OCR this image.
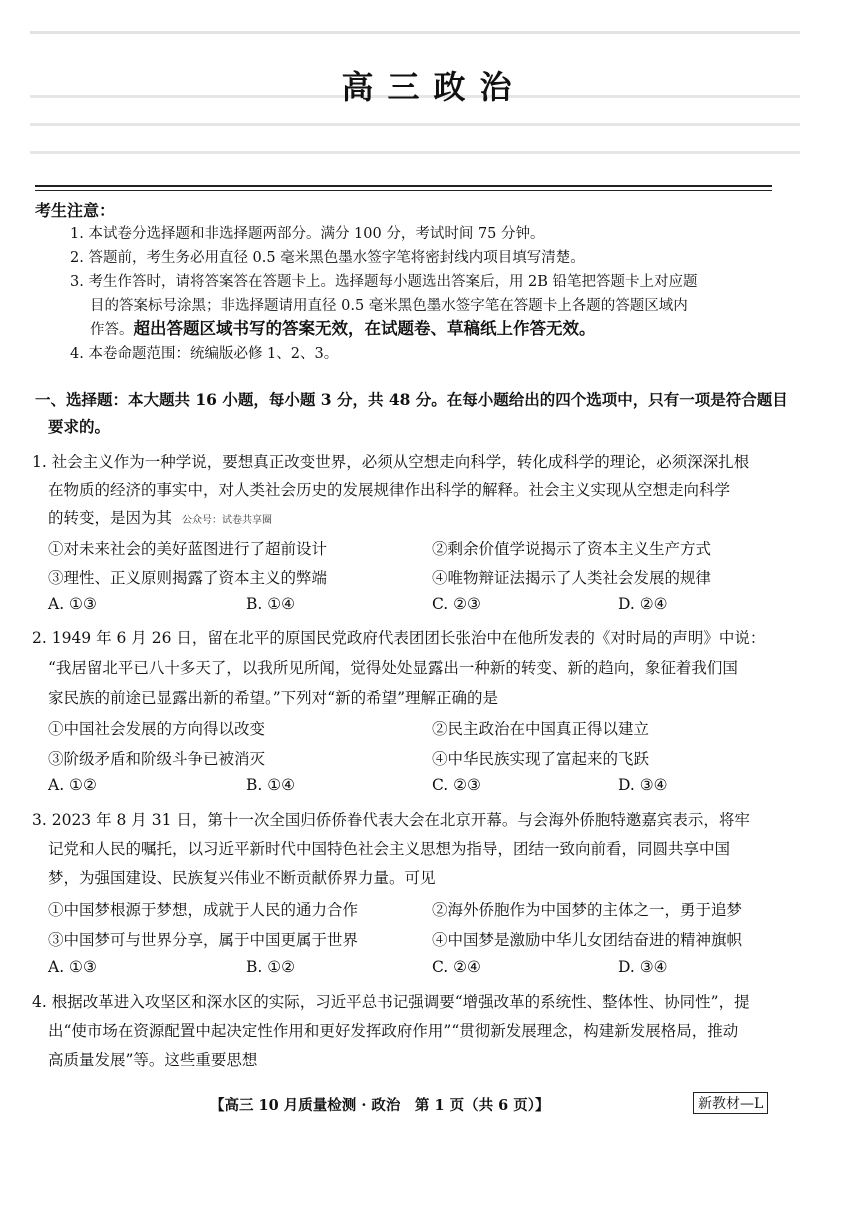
高三政治
考生注意：
1. 本试卷分选择题和非选择题两部分。满分 100 分，考试时间 75 分钟。
2. 答题前，考生务必用直径 0.5 毫米黑色墨水签字笔将密封线内项目填写清楚。
3. 考生作答时，请将答案答在答题卡上。选择题每小题选出答案后，用 2B 铅笔把答题卡上对应题
目的答案标号涂黑；非选择题请用直径 0.5 毫米黑色墨水签字笔在答题卡上各题的答题区域内
作答。超出答题区域书写的答案无效，在试题卷、草稿纸上作答无效。
4. 本卷命题范围：统编版必修 1、2、3。
一、选择题：本大题共 16 小题，每小题 3 分，共 48 分。在每小题给出的四个选项中，只有一项是符合题目
要求的。
1. 社会主义作为一种学说，要想真正改变世界，必须从空想走向科学，转化成科学的理论，必须深深扎根
在物质的经济的事实中，对人类社会历史的发展规律作出科学的解释。社会主义实现从空想走向科学
的转变，是因为其 公众号：试卷共享圈
①对未来社会的美好蓝图进行了超前设计	②剩余价值学说揭示了资本主义生产方式
③理性、正义原则揭露了资本主义的弊端	④唯物辩证法揭示了人类社会发展的规律
A. ①③	B. ①④	C. ②③	D. ②④
2. 1949 年 6 月 26 日，留在北平的原国民党政府代表团团长张治中在他所发表的《对时局的声明》中说：
“我居留北平已八十多天了，以我所见所闻，觉得处处显露出一种新的转变、新的趋向，象征着我们国
家民族的前途已显露出新的希望。”下列对“新的希望”理解正确的是
①中国社会发展的方向得以改变	②民主政治在中国真正得以建立
③阶级矛盾和阶级斗争已被消灭	④中华民族实现了富起来的飞跃
A. ①②	B. ①④	C. ②③	D. ③④
3. 2023 年 8 月 31 日，第十一次全国归侨侨眷代表大会在北京开幕。与会海外侨胞特邀嘉宾表示，将牢
记党和人民的嘱托，以习近平新时代中国特色社会主义思想为指导，团结一致向前看，同圆共享中国
梦，为强国建设、民族复兴伟业不断贡献侨界力量。可见
①中国梦根源于梦想，成就于人民的通力合作	②海外侨胞作为中国梦的主体之一，勇于追梦
③中国梦可与世界分享，属于中国更属于世界	④中国梦是激励中华儿女团结奋进的精神旗帜
A. ①③	B. ①②	C. ②④	D. ③④
4. 根据改革进入攻坚区和深水区的实际，习近平总书记强调要“增强改革的系统性、整体性、协同性”，提
出“使市场在资源配置中起决定性作用和更好发挥政府作用”“贯彻新发展理念，构建新发展格局，推动
高质量发展”等。这些重要思想
【高三 10 月质量检测 · 政治　第 1 页（共 6 页）】	新教材—L
